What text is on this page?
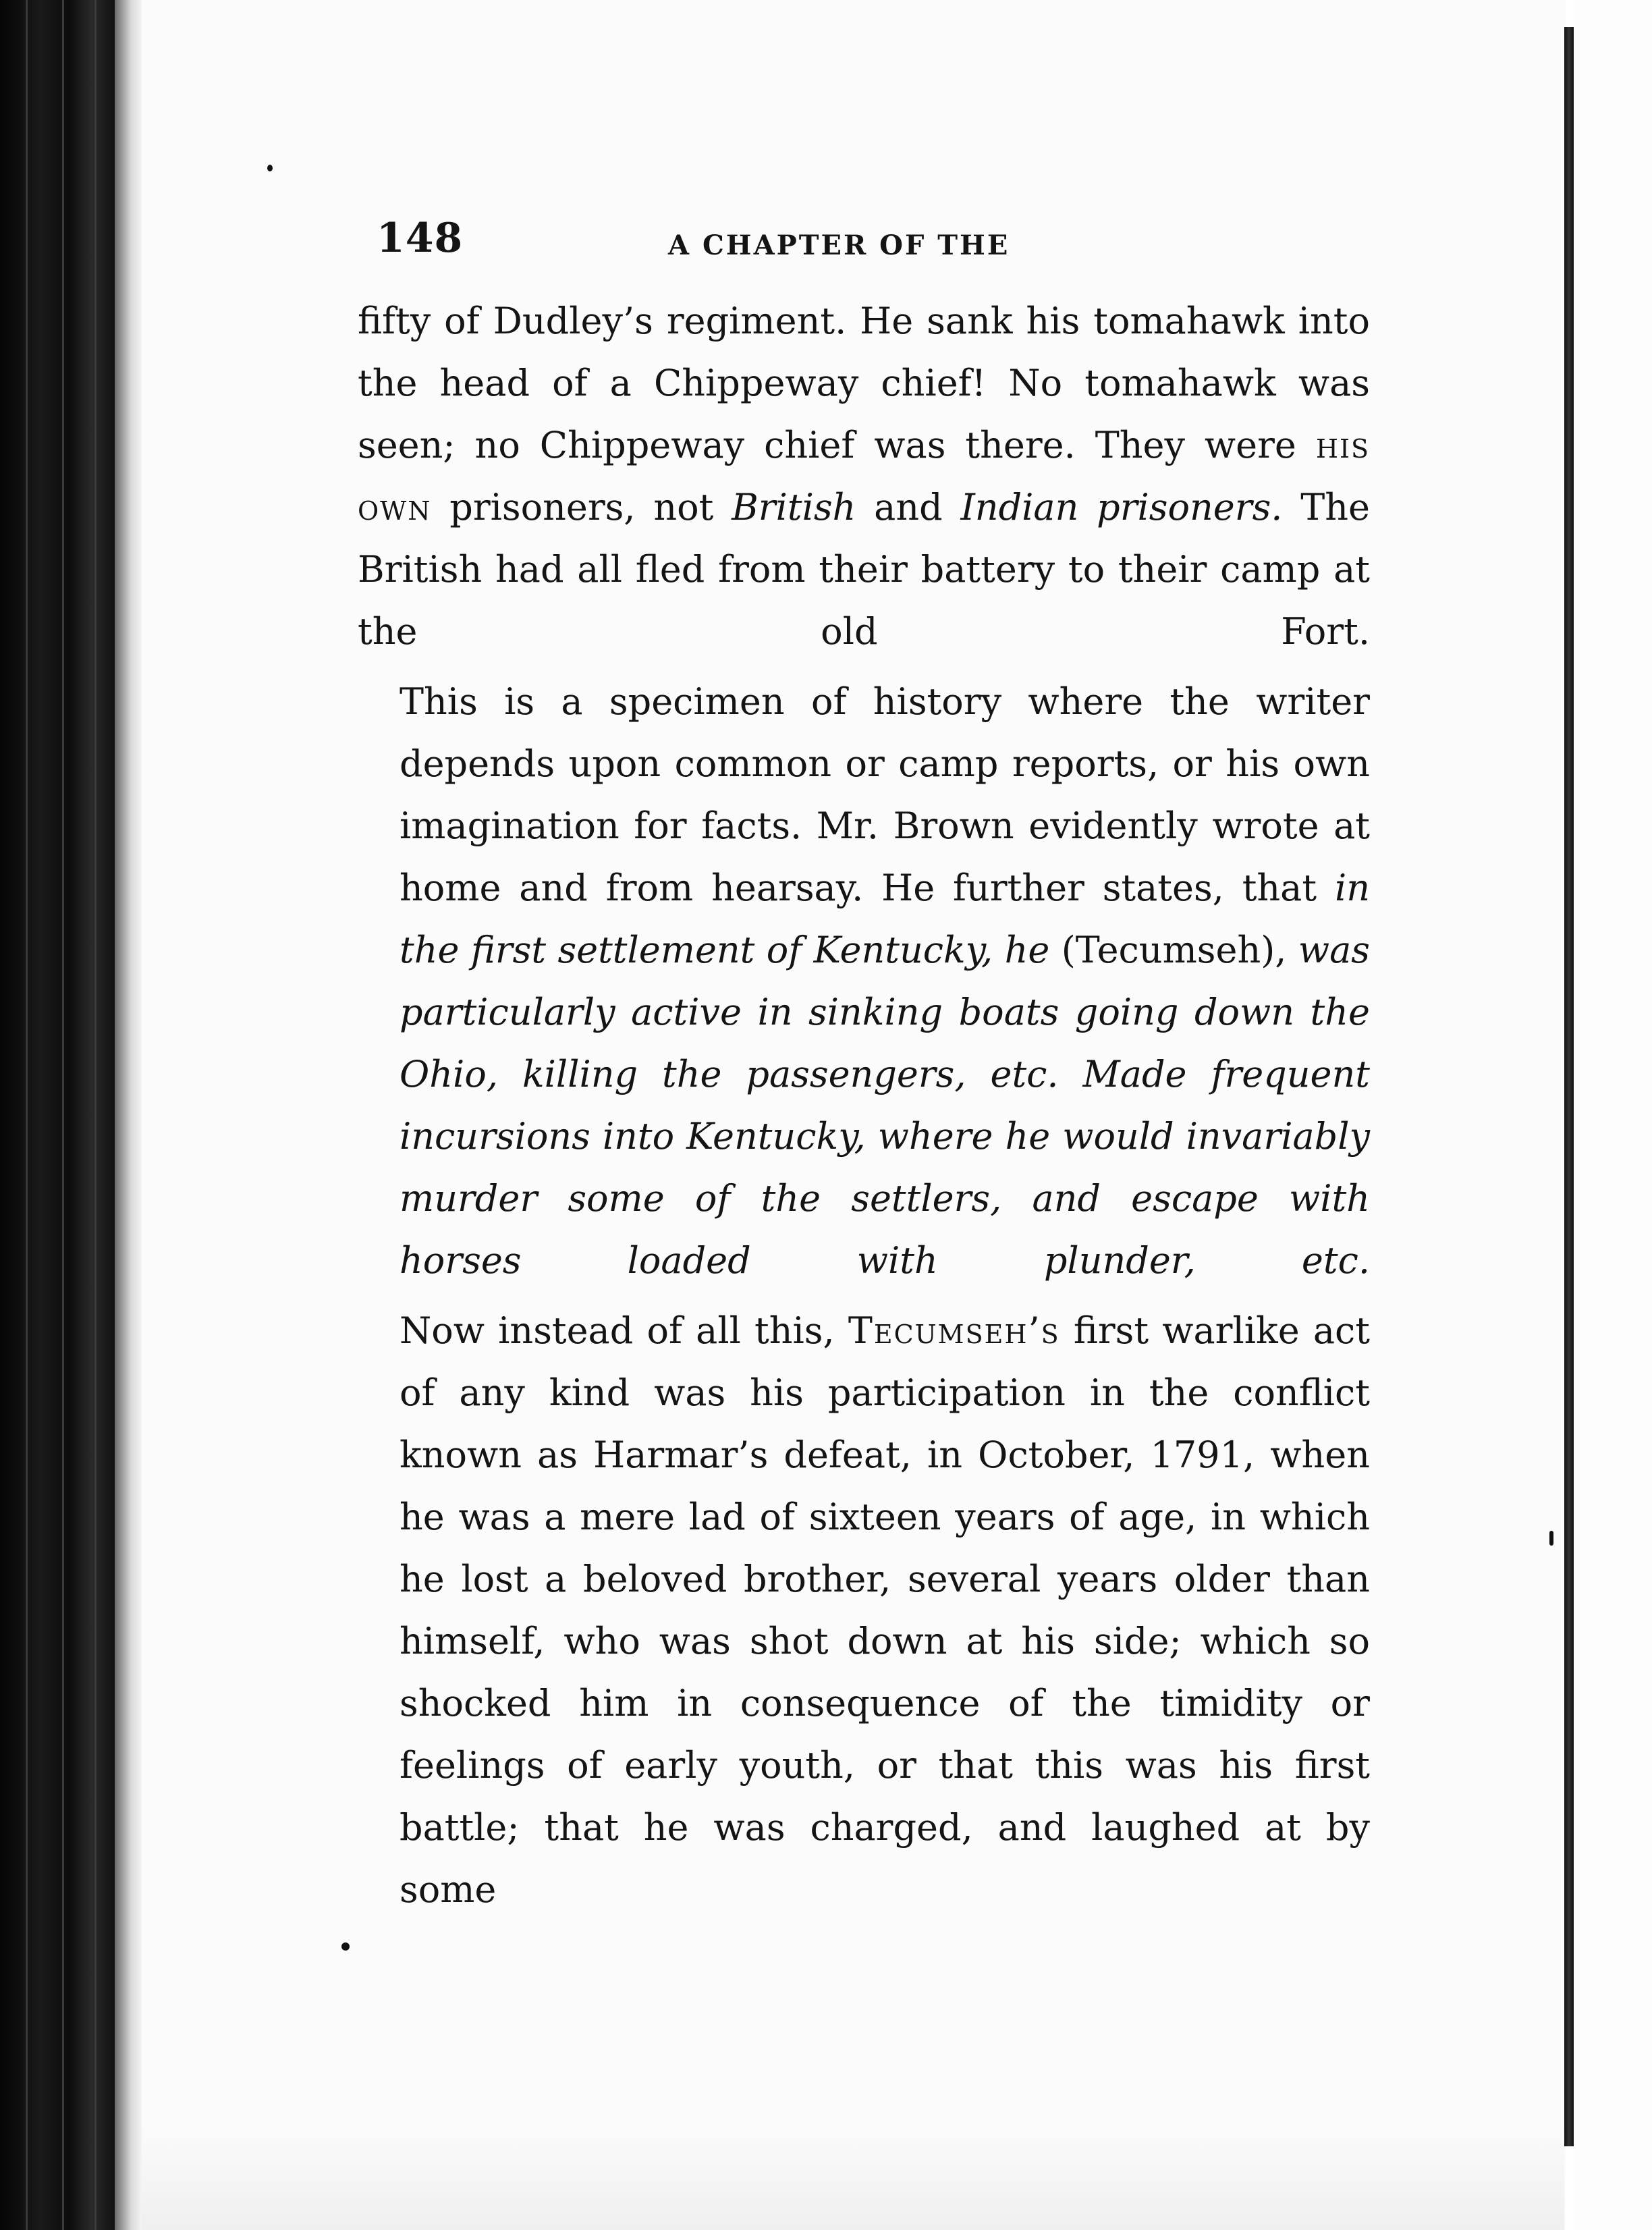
148	A CHAPTER OF THE

fifty of Dudley’s regiment. He sank his tomahawk into the head of a Chippeway chief! No tomahawk was seen; no Chippeway chief was there. They were his own prisoners, not British and Indian prisoners. The British had all fled from their battery to their camp at the old Fort.

This is a specimen of history where the writer depends upon common or camp reports, or his own imagination for facts. Mr. Brown evidently wrote at home and from hearsay. He further states, that in the first settlement of Kentucky, he (Tecumseh), was particularly active in sinking boats going down the Ohio, killing the passengers, etc. Made frequent incursions into Kentucky, where he would invariably murder some of the settlers, and escape with horses loaded with plunder, etc.

Now instead of all this, Tecumseh’s first warlike act of any kind was his participation in the conflict known as Harmar’s defeat, in October, 1791, when he was a mere lad of sixteen years of age, in which he lost a beloved brother, several years older than himself, who was shot down at his side; which so shocked him in consequence of the timidity or feelings of early youth, or that this was his first battle; that he was charged, and laughed at by some
